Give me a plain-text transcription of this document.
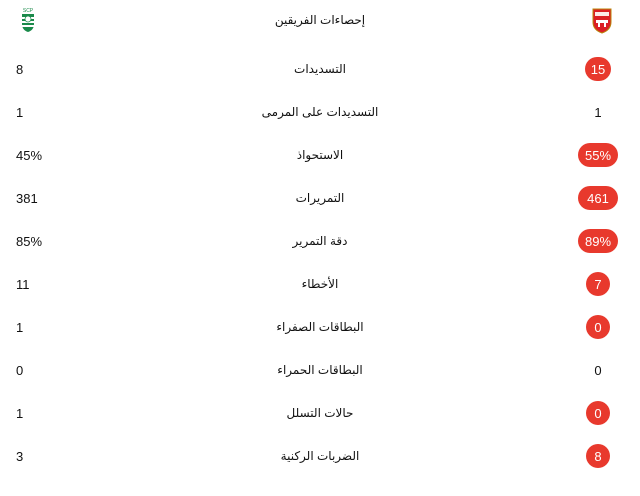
SCP
إحصاءات الفريقين
8	التسديدات	15
1	التسديدات على المرمى	1
45%	الاستحواذ	55%
381	التمريرات	461
85%	دقة التمرير	89%
11	الأخطاء	7
1	البطاقات الصفراء	0
0	البطاقات الحمراء	0
1	حالات التسلل	0
3	الضربات الركنية	8
